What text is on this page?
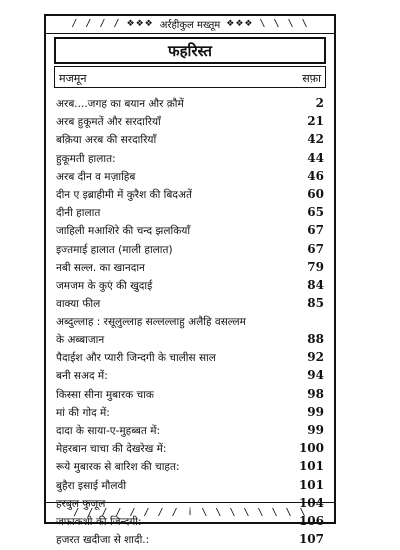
/ / / / ❖❖❖ अर्रहीकुल मख्तूम ❖❖❖ \ \ \ \
फहरिस्त
मजमून	सफ़ा
अरब....जगह का बयान और क़ौमें	2
अरब हुकूमतें और सरदारियाँ	21
बक़िया अरब की सरदारियाँ	42
हुकूमती हालात:	44
अरब दीन व मज़ाहिब	46
दीन ए इब्राहीमी में कुरैश की बिदअतें	60
दीनी हालात	65
जाहिली मआशिरे की चन्द झलकियाँ	67
इज्तमाई हालात (माली हालात)	67
नबी सल्ल. का खानदान	79
जमजम के कुएं की खुदाई	84
वाक्या फील	85
अब्दुल्लाह : रसूलुल्लाह सल्लल्लाहु अलैहि वसल्लम
के अब्बाजान	88
पैदाईश और प्यारी जिन्दगी के चालीस साल	92
बनी सअद में:	94
किस्सा सीना मुबारक चाक	98
मां की गोद में:	99
दादा के साया-ए-मुहब्बत में:	99
मेहरबान चाचा की देखरेख में:	100
रूये मुबारक से बारिश की चाहत:	101
बुहैरा इसाई मौलवी	101
हरबुल फुजूल	104
जफाकशी की जिन्दगी:	106
हजरत खदीजा से शादी.:	107
/ / / / / / / / i \ \ \ \ \ \ \ \
